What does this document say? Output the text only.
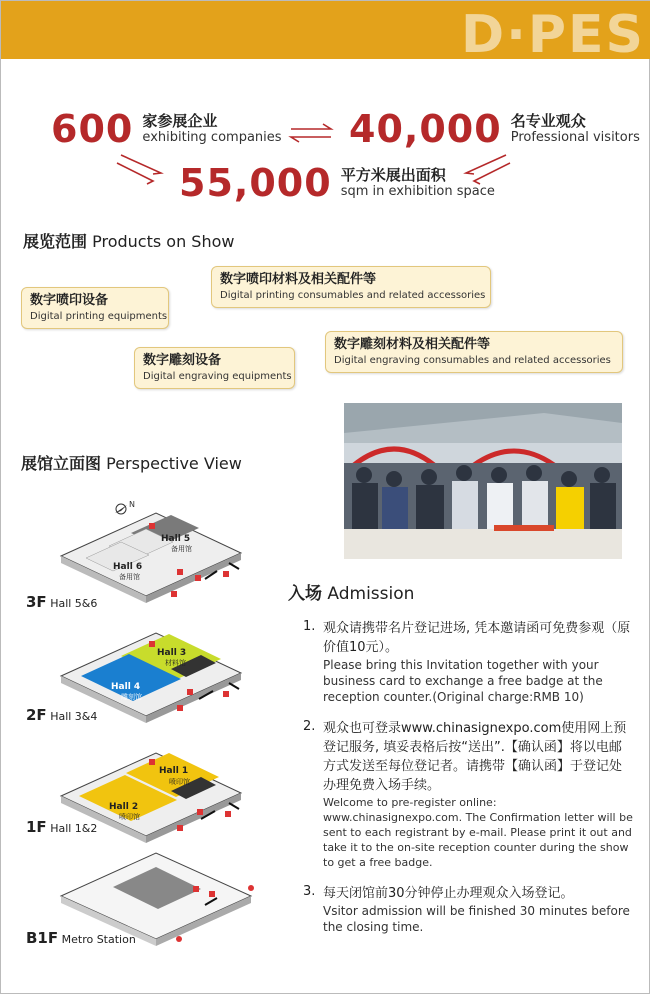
D·PES
600 家参展企业
exhibiting companies 40,000 名专业观众
Professional visitors
55,000 平方米展出面积
sqm in exhibition space
展览范围 Products on Show
数字喷印设备
Digital printing equipments
数字喷印材料及相关配件等
Digital printing consumables and related accessories
数字雕刻设备
Digital engraving equipments
数字雕刻材料及相关配件等
Digital engraving consumables and related accessories
展馆立面图 Perspective View
N
Hall 5
备用馆
Hall 6
备用馆
Hall 3
材料馆
Hall 4
雕刻馆
Hall 1
喷印馆
Hall 2
喷印馆
3F Hall 5&6
2F Hall 3&4
1F Hall 1&2
B1F Metro Station
入场 Admission
1. 观众请携带名片登记进场, 凭本邀请函可免费参观（原价值10元）。
Please bring this Invitation together with your business card to exchange a free badge at the reception counter.(Original charge:RMB 10)
2. 观众也可登录www.chinasignexpo.com使用网上预登记服务, 填妥表格后按“送出”.【确认函】将以电邮方式发送至每位登记者。请携带【确认函】于登记处办理免费入场手续。
Welcome to pre-register online: www.chinasignexpo.com. The Confirmation letter will be sent to each registrant by e-mail. Please print it out and take it to the on-site reception counter during the show to get a free badge.
3. 每天闭馆前30分钟停止办理观众入场登记。
Vsitor admission will be finished 30 minutes before the closing time.
